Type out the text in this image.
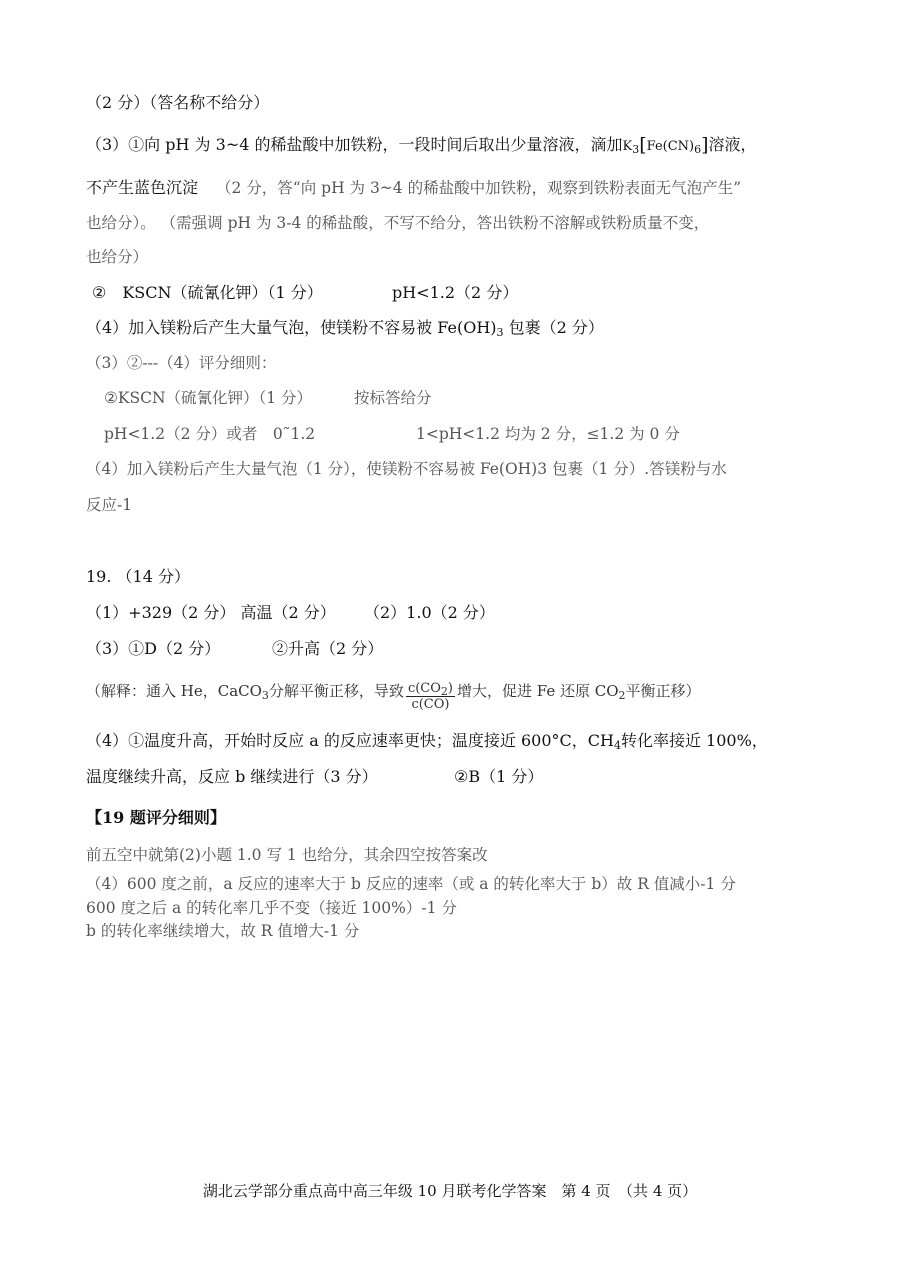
（2 分）（答名称不给分）
（3）①向 pH 为 3~4 的稀盐酸中加铁粉，一段时间后取出少量溶液，滴加$K_3[Fe(CN)_6]$溶液，
不产生蓝色沉淀 （2 分，答“向 pH 为 3~4 的稀盐酸中加铁粉，观察到铁粉表面无气泡产生”
也给分）。 （需强调 pH 为 3-4 的稀盐酸，不写不给分，答出铁粉不溶解或铁粉质量不变，
也给分）
②　KSCN（硫氰化钾）（1 分）	pH<1.2（2 分）
（4）加入镁粉后产生大量气泡，使镁粉不容易被 $Fe(OH)_3$ 包裹（2 分）
（3）②---（4）评分细则：
②KSCN（硫氰化钾）（1 分）	按标答给分
pH<1.2（2 分）或者　0˜1.2	1<pH<1.2 均为 2 分，≤1.2 为 0 分
（4）加入镁粉后产生大量气泡（1 分），使镁粉不容易被 Fe(OH)3 包裹（1 分）.答镁粉与水
反应-1
19. （14 分）
（1）+329（2 分） 高温（2 分） （2）1.0（2 分）
（3）①D（2 分）	②升高（2 分）
（解释：通入 He，CaCO$_3$分解平衡正移，导致 $\frac{c(CO_2)}{c(CO)}$ 增大，促进 Fe 还原 $CO_2$平衡正移）
（4）①温度升高，开始时反应 a 的反应速率更快；温度接近 600°C，$CH_4$转化率接近 100%，
温度继续升高，反应 b 继续进行（3 分）	②B（1 分）
【19 题评分细则】
前五空中就第(2)小题 1.0 写 1 也给分，其余四空按答案改
（4）600 度之前，a 反应的速率大于 b 反应的速率（或 a 的转化率大于 b）故 R 值减小-1 分
600 度之后 a 的转化率几乎不变（接近 100%）-1 分
b 的转化率继续增大，故 R 值增大-1 分
湖北云学部分重点高中高三年级 10 月联考化学答案　第 4 页　（共 4 页）
